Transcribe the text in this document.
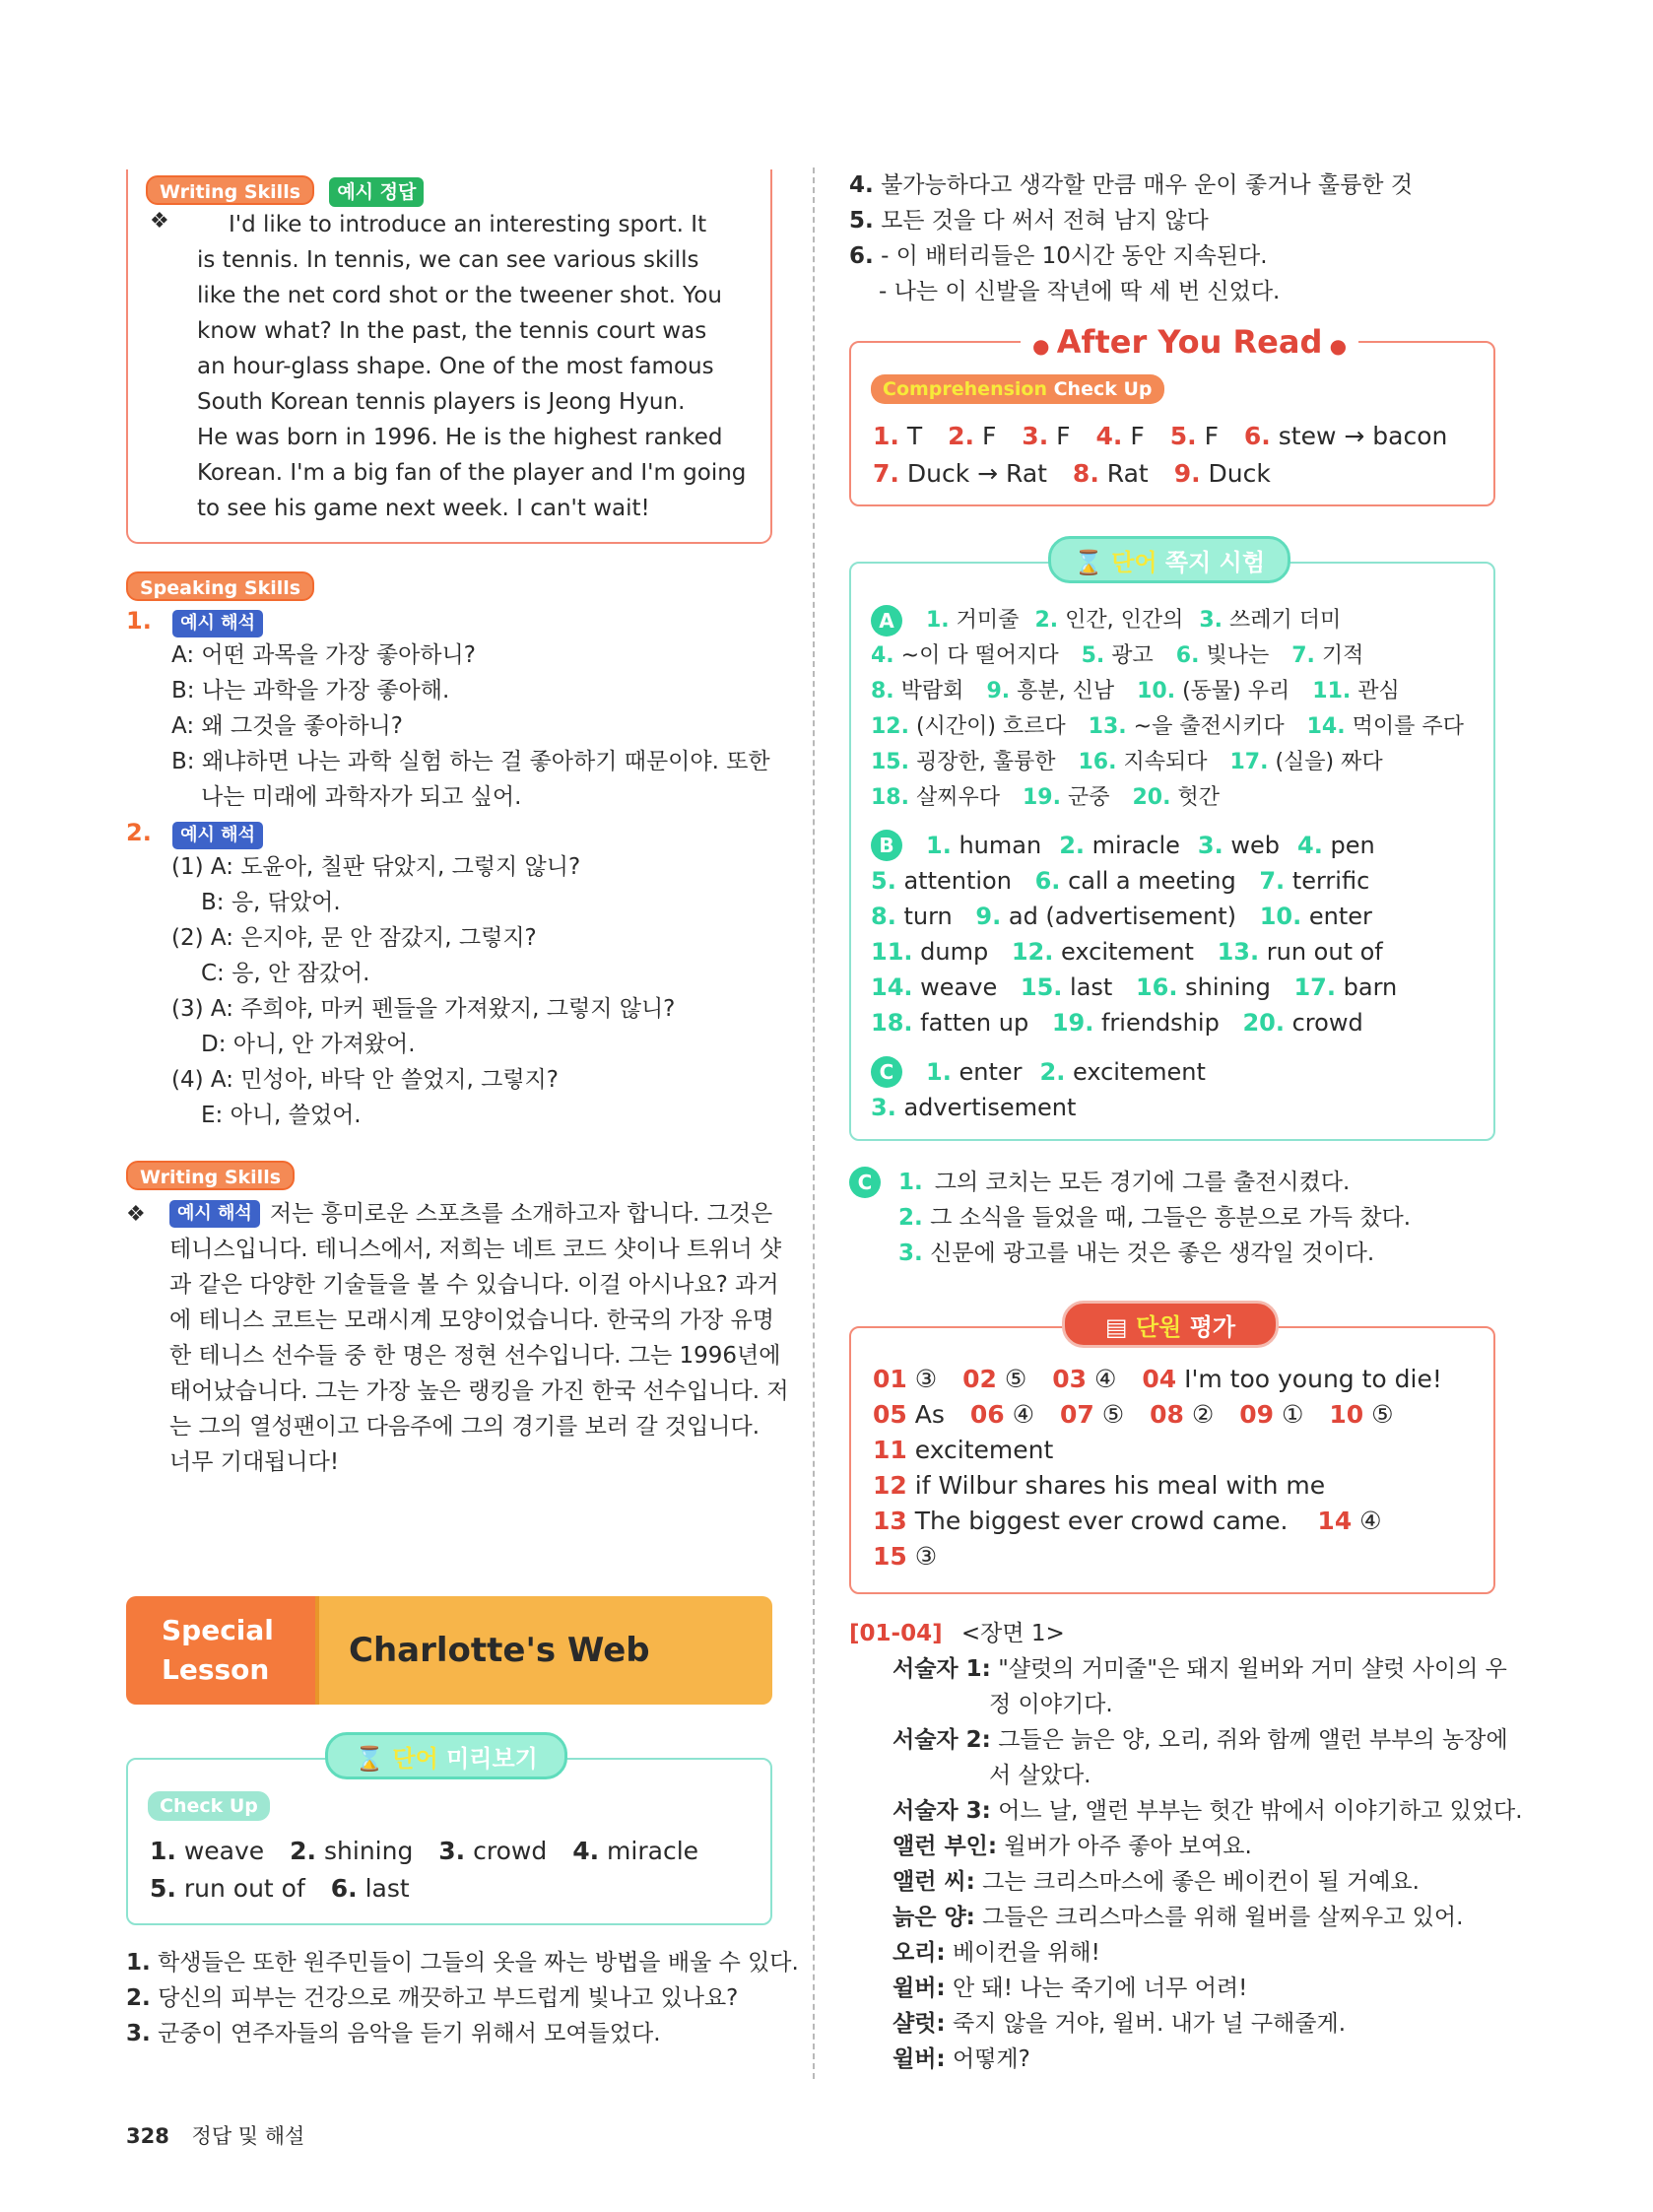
Writing Skills 예시 정답
❖	I'd like to introduce an interesting sport. It
is tennis. In tennis, we can see various skills
like the net cord shot or the tweener shot. You
know what? In the past, the tennis court was
an hour-glass shape. One of the most famous
South Korean tennis players is Jeong Hyun.
He was born in 1996. He is the highest ranked
Korean. I'm a big fan of the player and I'm going
to see his game next week. I can't wait!
Speaking Skills
1. 예시 해석
A: 어떤 과목을 가장 좋아하니?
B: 나는 과학을 가장 좋아해.
A: 왜 그것을 좋아하니?
B: 왜냐하면 나는 과학 실험 하는 걸 좋아하기 때문이야. 또한
나는 미래에 과학자가 되고 싶어.
2. 예시 해석
(1) A: 도윤아, 칠판 닦았지, 그렇지 않니?
B: 응, 닦았어.
(2) A: 은지야, 문 안 잠갔지, 그렇지?
C: 응, 안 잠갔어.
(3) A: 주희야, 마커 펜들을 가져왔지, 그렇지 않니?
D: 아니, 안 가져왔어.
(4) A: 민성아, 바닥 안 쓸었지, 그렇지?
E: 아니, 쓸었어.
Writing Skills
❖	예시 해석 저는 흥미로운 스포츠를 소개하고자 합니다. 그것은
테니스입니다. 테니스에서, 저희는 네트 코드 샷이나 트위너 샷
과 같은 다양한 기술들을 볼 수 있습니다. 이걸 아시나요? 과거
에 테니스 코트는 모래시계 모양이었습니다. 한국의 가장 유명
한 테니스 선수들 중 한 명은 정현 선수입니다. 그는 1996년에
태어났습니다. 그는 가장 높은 랭킹을 가진 한국 선수입니다. 저
는 그의 열성팬이고 다음주에 그의 경기를 보러 갈 것입니다.
너무 기대됩니다!
Special
Lesson	Charlotte's Web
⌛ 단어 미리보기
Check Up
1. weave 2. shining 3. crowd 4. miracle
5. run out of 6. last
1. 학생들은 또한 원주민들이 그들의 옷을 짜는 방법을 배울 수 있다.
2. 당신의 피부는 건강으로 깨끗하고 부드럽게 빛나고 있나요?
3. 군중이 연주자들의 음악을 듣기 위해서 모여들었다.
328 정답 및 해설
4. 불가능하다고 생각할 만큼 매우 운이 좋거나 훌륭한 것
5. 모든 것을 다 써서 전혀 남지 않다
6. - 이 배터리들은 10시간 동안 지속된다.
- 나는 이 신발을 작년에 딱 세 번 신었다.
● After You Read ●
Comprehension Check Up
1. T 2. F 3. F 4. F 5. F 6. stew → bacon
7. Duck → Rat 8. Rat 9. Duck
⌛ 단어 쪽지 시험
A	1. 거미줄 2. 인간, 인간의 3. 쓰레기 더미
4. ~이 다 떨어지다 5. 광고 6. 빛나는 7. 기적
8. 박람회 9. 흥분, 신남 10. (동물) 우리 11. 관심
12. (시간이) 흐르다 13. ~을 출전시키다 14. 먹이를 주다
15. 굉장한, 훌륭한 16. 지속되다 17. (실을) 짜다
18. 살찌우다 19. 군중 20. 헛간
B	1. human 2. miracle 3. web 4. pen
5. attention 6. call a meeting 7. terrific
8. turn 9. ad (advertisement) 10. enter
11. dump 12. excitement 13. run out of
14. weave 15. last 16. shining 17. barn
18. fatten up 19. friendship 20. crowd
C	1. enter 2. excitement
3. advertisement
C	1. 그의 코치는 모든 경기에 그를 출전시켰다.
2. 그 소식을 들었을 때, 그들은 흥분으로 가득 찼다.
3. 신문에 광고를 내는 것은 좋은 생각일 것이다.
▤ 단원 평가
01 ③ 02 ⑤ 03 ④ 04 I'm too young to die!
05 As 06 ④ 07 ⑤ 08 ② 09 ① 10 ⑤
11 excitement
12 if Wilbur shares his meal with me
13 The biggest ever crowd came. 14 ④
15 ③
[01-04] <장면 1>
서술자 1: "샬럿의 거미줄"은 돼지 윌버와 거미 샬럿 사이의 우
정 이야기다.
서술자 2: 그들은 늙은 양, 오리, 쥐와 함께 앨런 부부의 농장에
서 살았다.
서술자 3: 어느 날, 앨런 부부는 헛간 밖에서 이야기하고 있었다.
앨런 부인: 윌버가 아주 좋아 보여요.
앨런 씨: 그는 크리스마스에 좋은 베이컨이 될 거예요.
늙은 양: 그들은 크리스마스를 위해 윌버를 살찌우고 있어.
오리: 베이컨을 위해!
윌버: 안 돼! 나는 죽기에 너무 어려!
샬럿: 죽지 않을 거야, 윌버. 내가 널 구해줄게.
윌버: 어떻게?
